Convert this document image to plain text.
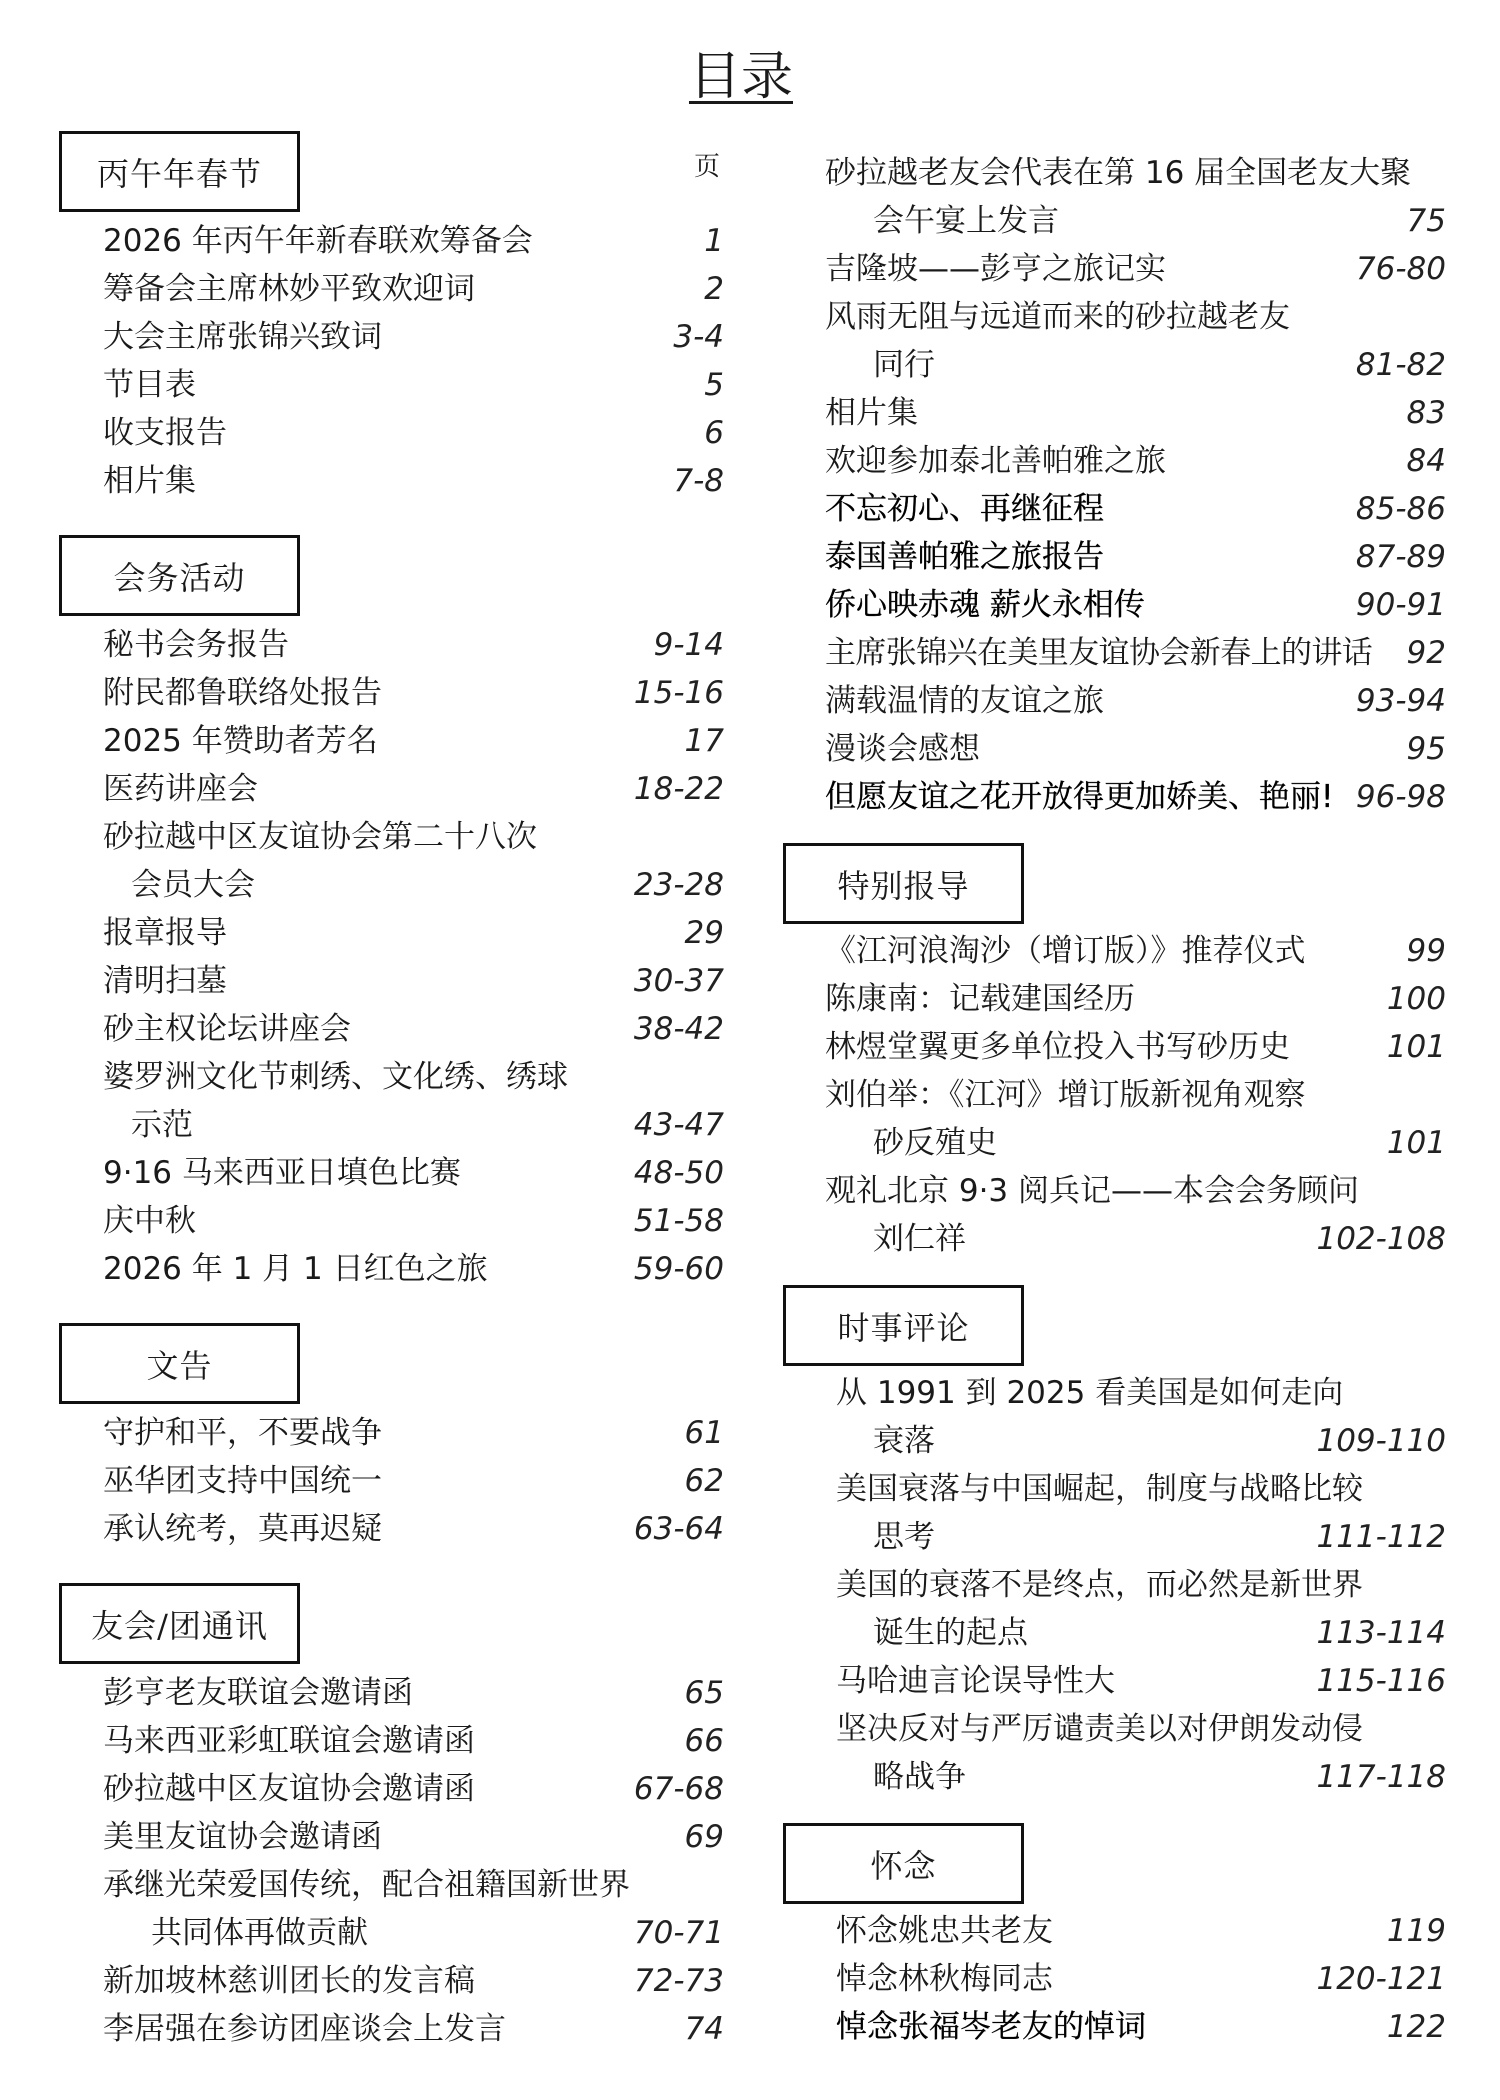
目录
页
丙午年春节
2026 年丙午年新春联欢筹备会	1
筹备会主席林妙平致欢迎词	2
大会主席张锦兴致词	3-4
节目表	5
收支报告	6
相片集	7-8
会务活动
秘书会务报告	9-14
附民都鲁联络处报告	15-16
2025 年赞助者芳名	17
医药讲座会	18-22
砂拉越中区友谊协会第二十八次
会员大会	23-28
报章报导	29
清明扫墓	30-37
砂主权论坛讲座会	38-42
婆罗洲文化节刺绣、文化绣、绣球
示范	43-47
9·16 马来西亚日填色比赛	48-50
庆中秋	51-58
2026 年 1 月 1 日红色之旅	59-60
文告
守护和平，不要战争	61
巫华团支持中国统一	62
承认统考，莫再迟疑	63-64
友会/团通讯
彭亨老友联谊会邀请函	65
马来西亚彩虹联谊会邀请函	66
砂拉越中区友谊协会邀请函	67-68
美里友谊协会邀请函	69
承继光荣爱国传统，配合祖籍国新世界
共同体再做贡献	70-71
新加坡林慈训团长的发言稿	72-73
李居强在参访团座谈会上发言	74
砂拉越老友会代表在第 16 届全国老友大聚
会午宴上发言	75
吉隆坡——彭亨之旅记实	76-80
风雨无阻与远道而来的砂拉越老友
同行	81-82
相片集	83
欢迎参加泰北善帕雅之旅	84
不忘初心、再继征程	85-86
泰国善帕雅之旅报告	87-89
侨心映赤魂 薪火永相传	90-91
主席张锦兴在美里友谊协会新春上的讲话	92
满载温情的友谊之旅	93-94
漫谈会感想	95
但愿友谊之花开放得更加娇美、艳丽! 96-98
特别报导
《江河浪淘沙（增订版）》推荐仪式	99
陈康南：记载建国经历	100
林煜堂翼更多单位投入书写砂历史	101
刘伯举：《江河》增订版新视角观察
砂反殖史	101
观礼北京 9·3 阅兵记——本会会务顾问
刘仁祥	102-108
时事评论
从 1991 到 2025 看美国是如何走向
衰落	109-110
美国衰落与中国崛起，制度与战略比较
思考	111-112
美国的衰落不是终点，而必然是新世界
诞生的起点	113-114
马哈迪言论误导性大	115-116
坚决反对与严厉谴责美以对伊朗发动侵
略战争	117-118
怀念
怀念姚忠共老友	119
悼念林秋梅同志	120-121
悼念张福岑老友的悼词	122
